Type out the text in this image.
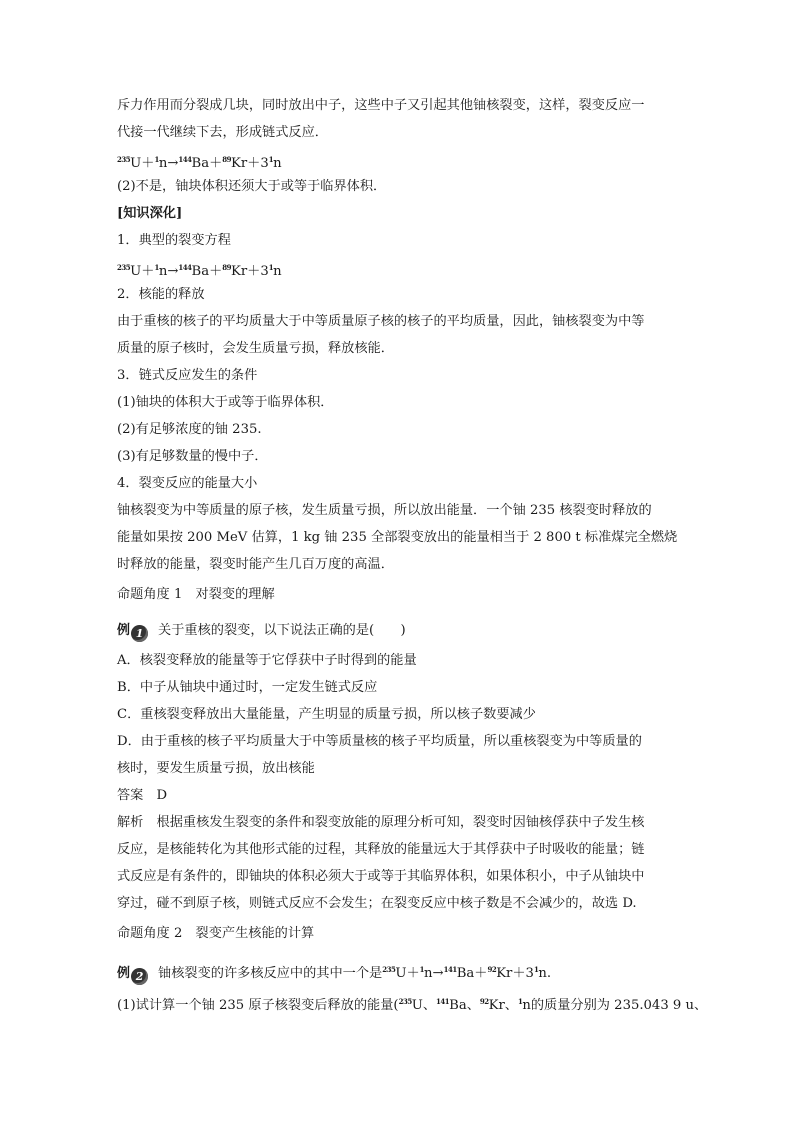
斥力作用而分裂成几块，同时放出中子，这些中子又引起其他铀核裂变，这样，裂变反应一
代接一代继续下去，形成链式反应．
$^{235}U+^1n\to^{144}Ba+^{89}Kr+3^1n$
(2)不是，铀块体积还须大于或等于临界体积．
[知识深化]
1．典型的裂变方程
$^{235}U+^1n\to^{144}Ba+^{89}Kr+3^1n$
2．核能的释放
由于重核的核子的平均质量大于中等质量原子核的核子的平均质量，因此，铀核裂变为中等
质量的原子核时，会发生质量亏损，释放核能．
3．链式反应发生的条件
(1)铀块的体积大于或等于临界体积．
(2)有足够浓度的铀 235.
(3)有足够数量的慢中子．
4．裂变反应的能量大小
铀核裂变为中等质量的原子核，发生质量亏损，所以放出能量．一个铀 235 核裂变时释放的
能量如果按 200 MeV 估算，1 kg 铀 235 全部裂变放出的能量相当于 2 800 t 标准煤完全燃烧
时释放的能量，裂变时能产生几百万度的高温．
命题角度 1　对裂变的理解
例 1 关于重核的裂变，以下说法正确的是(　　)
A．核裂变释放的能量等于它俘获中子时得到的能量
B．中子从铀块中通过时，一定发生链式反应
C．重核裂变释放出大量能量，产生明显的质量亏损，所以核子数要减少
D．由于重核的核子平均质量大于中等质量核的核子平均质量，所以重核裂变为中等质量的
核时，要发生质量亏损，放出核能
答案　D
解析　根据重核发生裂变的条件和裂变放能的原理分析可知，裂变时因铀核俘获中子发生核
反应，是核能转化为其他形式能的过程，其释放的能量远大于其俘获中子时吸收的能量；链
式反应是有条件的，即铀块的体积必须大于或等于其临界体积，如果体积小，中子从铀块中
穿过，碰不到原子核，则链式反应不会发生；在裂变反应中核子数是不会减少的，故选 D.
命题角度 2　裂变产生核能的计算
例 2 铀核裂变的许多核反应中的其中一个是$^{235}U+^1n\to^{141}Ba+^{92}Kr+3^1n$.
(1)试计算一个铀 235 原子核裂变后释放的能量($^{235}$U、$^{141}$Ba、$^{92}$Kr、$^1$n的质量分别为 235.043 9 u、
